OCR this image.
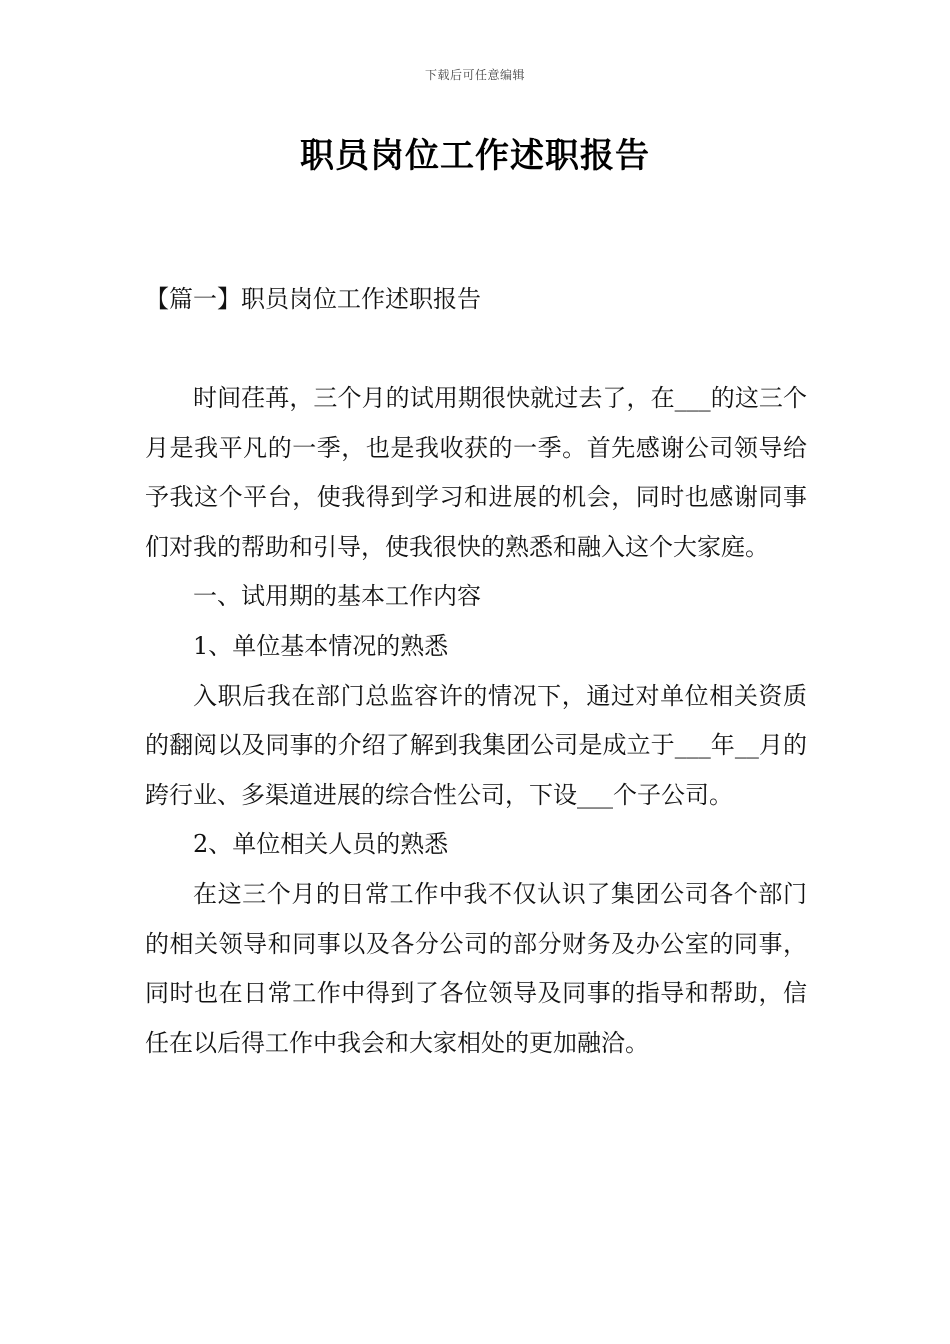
下载后可任意编辑
职员岗位工作述职报告
【篇一】职员岗位工作述职报告

时间荏苒，三个月的试用期很快就过去了，在___的这三个月是我平凡的一季，也是我收获的一季。首先感谢公司领导给予我这个平台，使我得到学习和进展的机会，同时也感谢同事们对我的帮助和引导，使我很快的熟悉和融入这个大家庭。

一、试用期的基本工作内容

1、单位基本情况的熟悉

入职后我在部门总监容许的情况下，通过对单位相关资质的翻阅以及同事的介绍了解到我集团公司是成立于___年__月的跨行业、多渠道进展的综合性公司，下设___个子公司。

2、单位相关人员的熟悉

在这三个月的日常工作中我不仅认识了集团公司各个部门的相关领导和同事以及各分公司的部分财务及办公室的同事，同时也在日常工作中得到了各位领导及同事的指导和帮助，信任在以后得工作中我会和大家相处的更加融洽。
